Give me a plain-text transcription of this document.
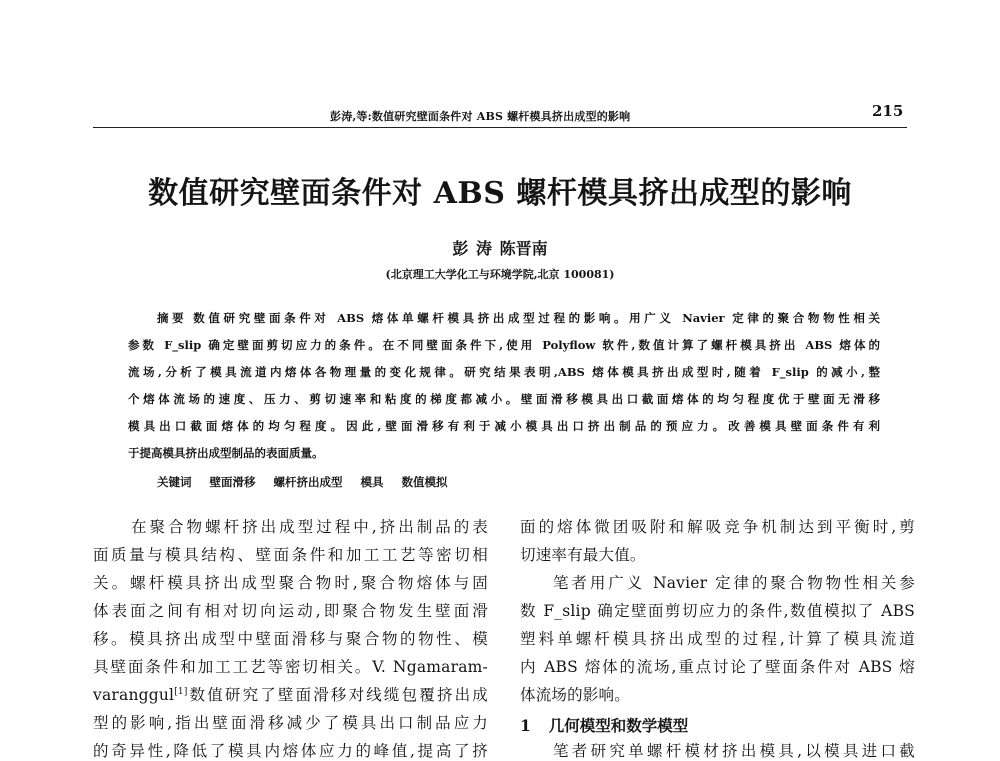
彭涛,等:数值研究壁面条件对 ABS 螺杆模具挤出成型的影响	215
数值研究壁面条件对 ABS 螺杆模具挤出成型的影响
彭 涛 陈晋南
(北京理工大学化工与环境学院,北京 100081)
摘要 数值研究壁面条件对 ABS 熔体单螺杆模具挤出成型过程的影响。用广义 Navier 定律的聚合物物性相关
参数 F_slip 确定壁面剪切应力的条件。在不同壁面条件下,使用 Polyflow 软件,数值计算了螺杆模具挤出 ABS 熔体的
流场,分析了模具流道内熔体各物理量的变化规律。研究结果表明,ABS 熔体模具挤出成型时,随着 F_slip 的减小,整
个熔体流场的速度、压力、剪切速率和粘度的梯度都减小。壁面滑移模具出口截面熔体的均匀程度优于壁面无滑移
模具出口截面熔体的均匀程度。因此,壁面滑移有利于减小模具出口挤出制品的预应力。改善模具壁面条件有利
于提高模具挤出成型制品的表面质量。
关键词 壁面滑移 螺杆挤出成型 模具 数值模拟
在聚合物螺杆挤出成型过程中,挤出制品的表
面质量与模具结构、壁面条件和加工工艺等密切相
关。螺杆模具挤出成型聚合物时,聚合物熔体与固
体表面之间有相对切向运动,即聚合物发生壁面滑
移。模具挤出成型中壁面滑移与聚合物的物性、模
具壁面条件和加工工艺等密切相关。V. Ngamaram-
varanggul[1]数值研究了壁面滑移对线缆包覆挤出成
型的影响,指出壁面滑移减少了模具出口制品应力
的奇异性,降低了模具内熔体应力的峰值,提高了挤
面的熔体微团吸附和解吸竞争机制达到平衡时,剪
切速率有最大值。
笔者用广义 Navier 定律的聚合物物性相关参
数 F_slip 确定壁面剪切应力的条件,数值模拟了 ABS
塑料单螺杆模具挤出成型的过程,计算了模具流道
内 ABS 熔体的流场,重点讨论了壁面条件对 ABS 熔
体流场的影响。
1 几何模型和数学模型
笔者研究单螺杆模材挤出模具,以模具进口截
